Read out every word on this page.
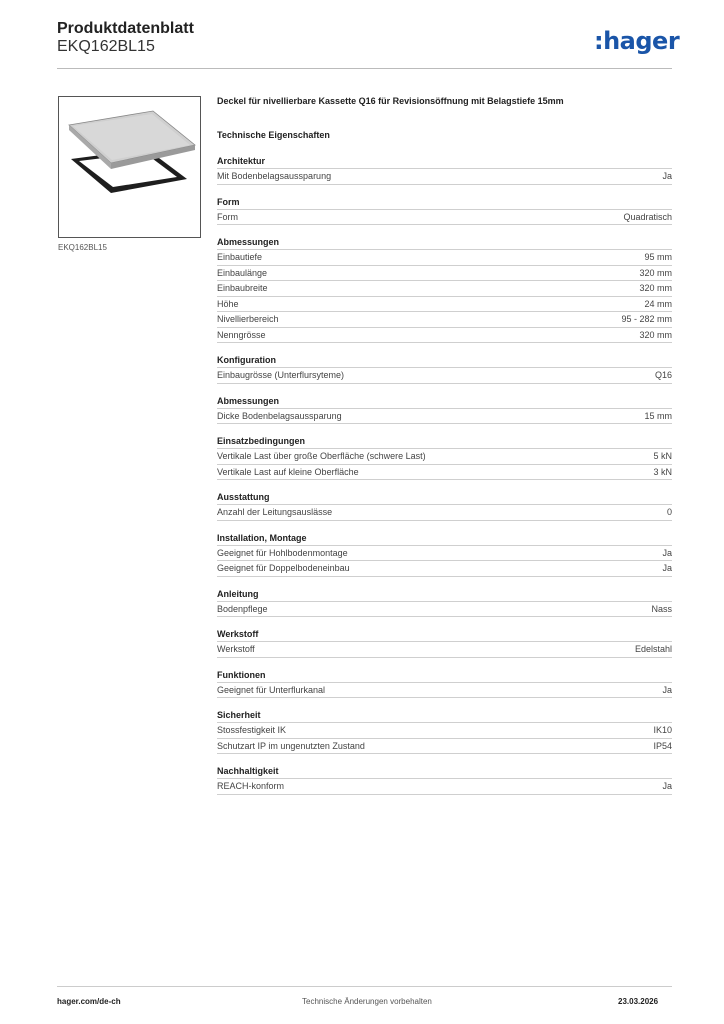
Produktdatenblatt
EKQ162BL15	:hager
EKQ162BL15
Deckel für nivellierbare Kassette Q16 für Revisionsöffnung mit Belagstiefe 15mm
Technische Eigenschaften
Architektur
Mit Bodenbelagsaussparung	Ja
Form
Form	Quadratisch
Abmessungen
Einbautiefe	95 mm
Einbaulänge	320 mm
Einbaubreite	320 mm
Höhe	24 mm
Nivellierbereich	95 - 282 mm
Nenngrösse	320 mm
Konfiguration
Einbaugrösse (Unterflursyteme)	Q16
Abmessungen
Dicke Bodenbelagsaussparung	15 mm
Einsatzbedingungen
Vertikale Last über große Oberfläche (schwere Last)	5 kN
Vertikale Last auf kleine Oberfläche	3 kN
Ausstattung
Anzahl der Leitungsauslässe	0
Installation, Montage
Geeignet für Hohlbodenmontage	Ja
Geeignet für Doppelbodeneinbau	Ja
Anleitung
Bodenpflege	Nass
Werkstoff
Werkstoff	Edelstahl
Funktionen
Geeignet für Unterflurkanal	Ja
Sicherheit
Stossfestigkeit IK	IK10
Schutzart IP im ungenutzten Zustand	IP54
Nachhaltigkeit
REACH-konform	Ja
hager.com/de-ch	Technische Änderungen vorbehalten	23.03.2026
